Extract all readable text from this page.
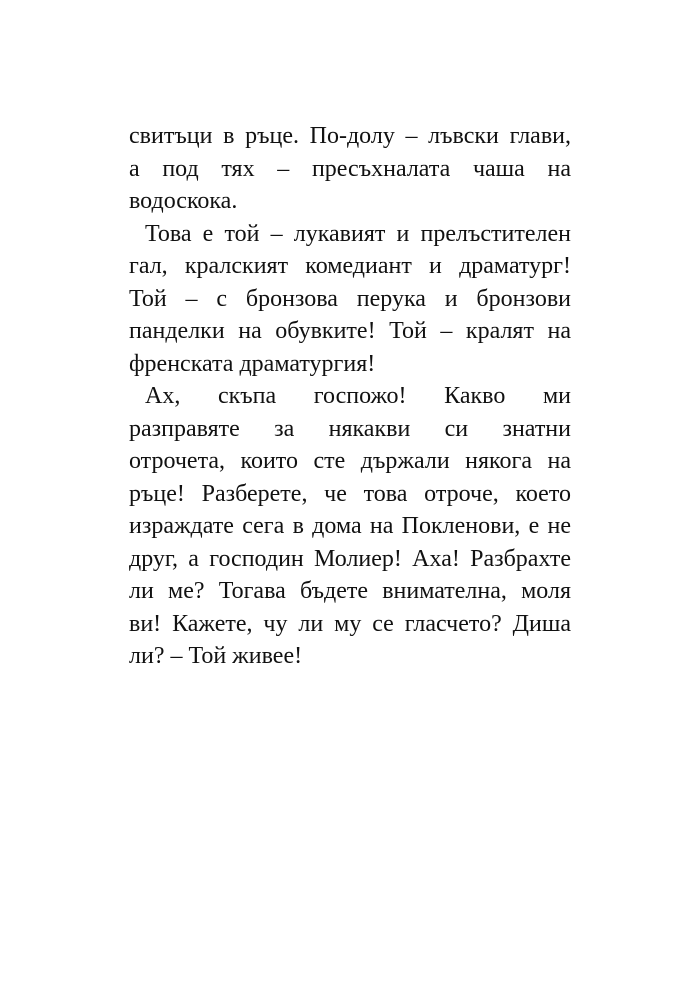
свитъци в ръце. По-долу – лъвски глави,
а под тях – пресъхналата чаша на
водоскока.
Това е той – лукавият и прелъстителен
гал, кралският комедиант и драматург!
Той – с бронзова перука и бронзови
панделки на обувките! Той – кралят на
френската драматургия!
Ах, скъпа госпожо! Какво ми
разправяте за някакви си знатни
отрочета, които сте държали някога на
ръце! Разберете, че това отроче, което
израждате сега в дома на Покленови, е не
друг, а господин Молиер! Аха! Разбрахте
ли ме? Тогава бъдете внимателна, моля
ви! Кажете, чу ли му се гласчето? Диша
ли? – Той живее!
